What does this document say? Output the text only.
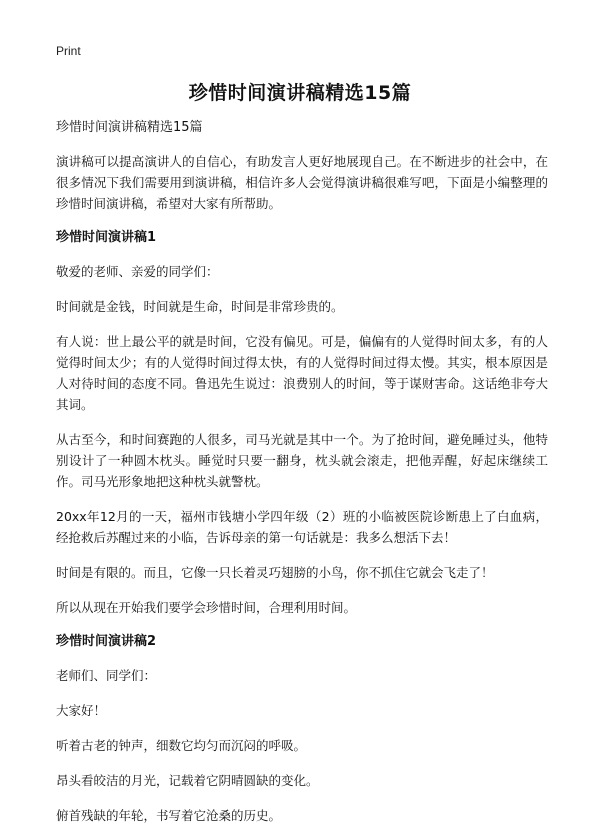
Print
珍惜时间演讲稿精选15篇
珍惜时间演讲稿精选15篇

演讲稿可以提高演讲人的自信心，有助发言人更好地展现自己。在不断进步的社会中，在很多情况下我们需要用到演讲稿，相信许多人会觉得演讲稿很难写吧，下面是小编整理的珍惜时间演讲稿，希望对大家有所帮助。

珍惜时间演讲稿1

敬爱的老师、亲爱的同学们：

时间就是金钱，时间就是生命，时间是非常珍贵的。

有人说：世上最公平的就是时间，它没有偏见。可是，偏偏有的人觉得时间太多，有的人觉得时间太少；有的人觉得时间过得太快，有的人觉得时间过得太慢。其实，根本原因是人对待时间的态度不同。鲁迅先生说过：浪费别人的时间，等于谋财害命。这话绝非夸大其词。

从古至今，和时间赛跑的人很多，司马光就是其中一个。为了抢时间，避免睡过头，他特别设计了一种圆木枕头。睡觉时只要一翻身，枕头就会滚走，把他弄醒，好起床继续工作。司马光形象地把这种枕头就警枕。

20xx年12月的一天，福州市钱塘小学四年级（2）班的小临被医院诊断患上了白血病，经抢救后苏醒过来的小临，告诉母亲的第一句话就是：我多么想活下去！

时间是有限的。而且，它像一只长着灵巧翅膀的小鸟，你不抓住它就会飞走了！

所以从现在开始我们要学会珍惜时间，合理利用时间。

珍惜时间演讲稿2

老师们、同学们：

大家好！

听着古老的钟声，细数它均匀而沉闷的呼吸。

昂头看皎洁的月光，记载着它阴晴圆缺的变化。

俯首残缺的年轮，书写着它沧桑的历史。
